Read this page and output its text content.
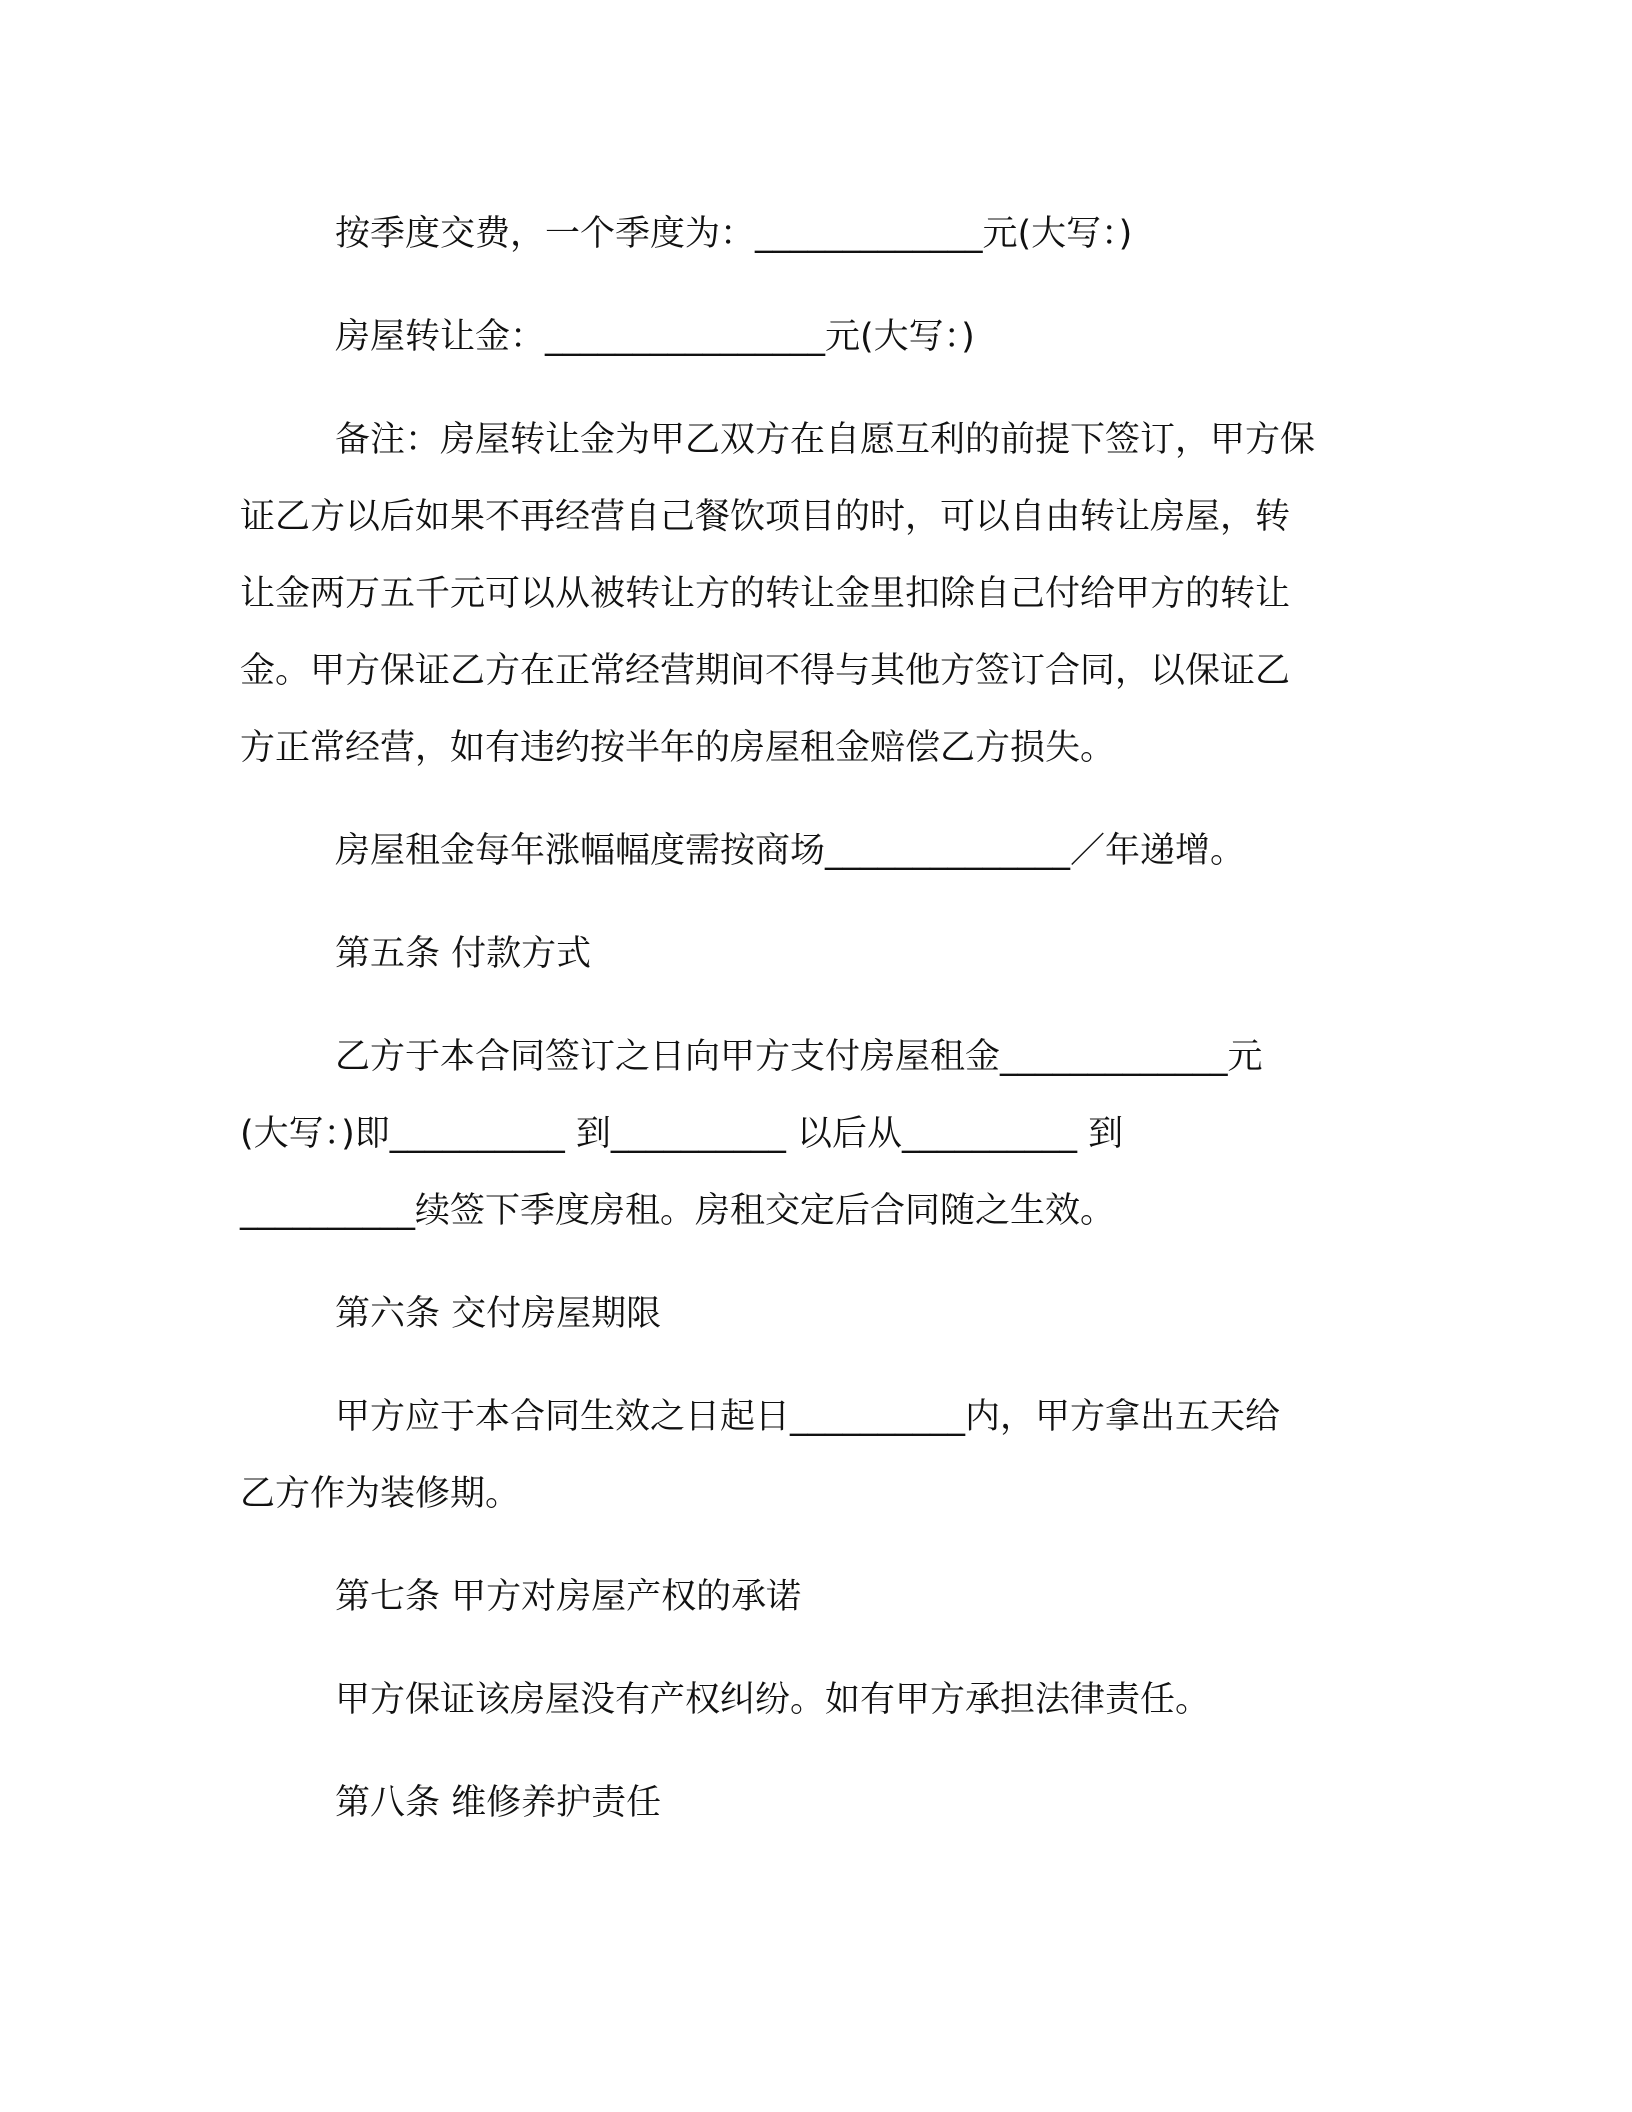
按季度交费，一个季度为：_____________元(大写：)
房屋转让金：________________元(大写：)
备注：房屋转让金为甲乙双方在自愿互利的前提下签订，甲方保
证乙方以后如果不再经营自己餐饮项目的时，可以自由转让房屋，转
让金两万五千元可以从被转让方的转让金里扣除自己付给甲方的转让
金。甲方保证乙方在正常经营期间不得与其他方签订合同，以保证乙
方正常经营，如有违约按半年的房屋租金赔偿乙方损失。
房屋租金每年涨幅幅度需按商场______________／年递增。
第五条 付款方式
乙方于本合同签订之日向甲方支付房屋租金_____________元
(大写：)即__________ 到__________ 以后从__________ 到
__________续签下季度房租。房租交定后合同随之生效。
第六条 交付房屋期限
甲方应于本合同生效之日起日__________内，甲方拿出五天给
乙方作为装修期。
第七条 甲方对房屋产权的承诺
甲方保证该房屋没有产权纠纷。如有甲方承担法律责任。
第八条 维修养护责任
